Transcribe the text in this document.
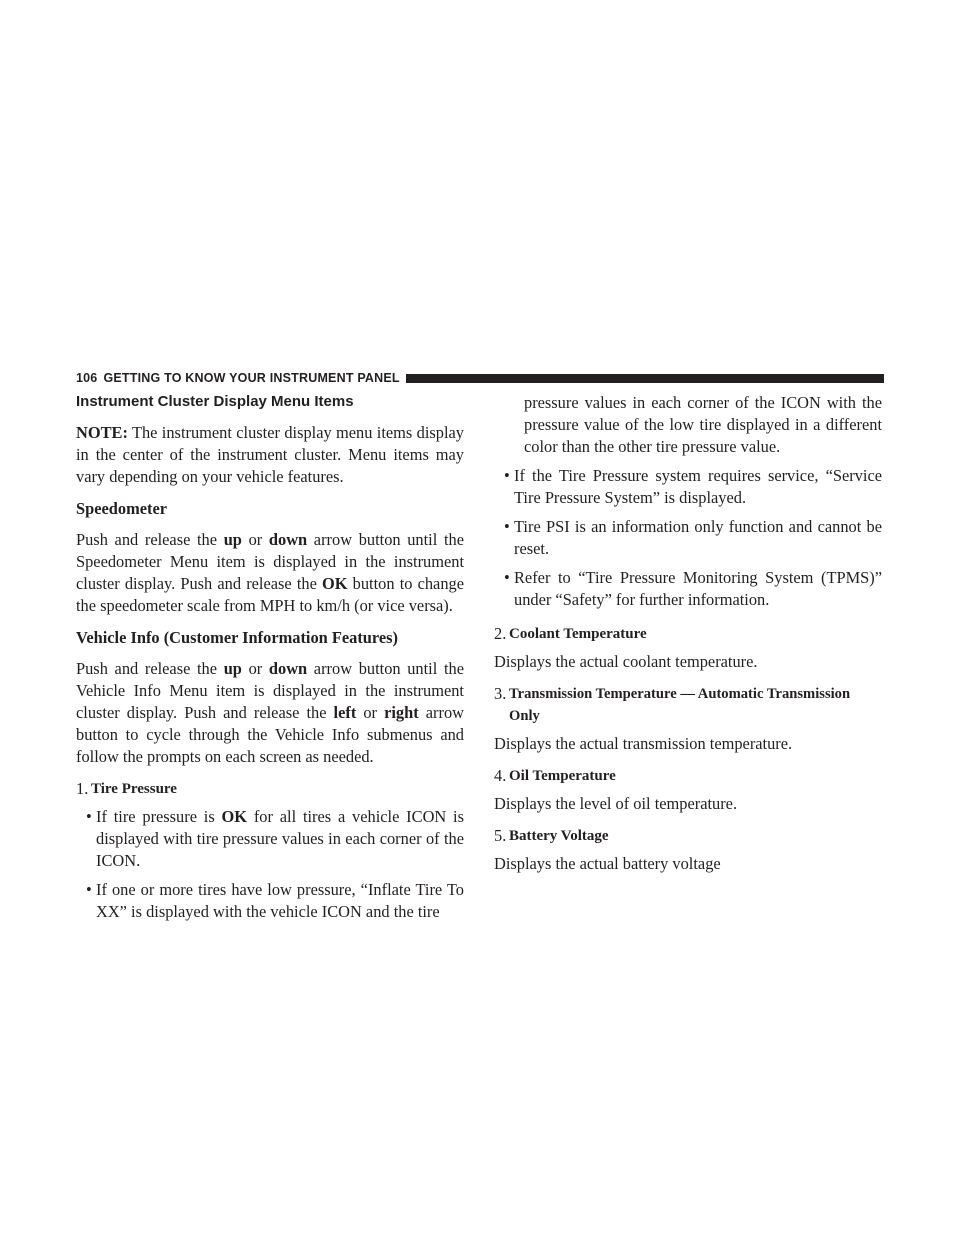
106 GETTING TO KNOW YOUR INSTRUMENT PANEL
Instrument Cluster Display Menu Items

NOTE: The instrument cluster display menu items display in the center of the instrument cluster. Menu items may vary depending on your vehicle features.

Speedometer

Push and release the up or down arrow button until the Speedometer Menu item is displayed in the instrument cluster display. Push and release the OK button to change the speedometer scale from MPH to km/h (or vice versa).

Vehicle Info (Customer Information Features)

Push and release the up or down arrow button until the Vehicle Info Menu item is displayed in the instrument cluster display. Push and release the left or right arrow button to cycle through the Vehicle Info submenus and follow the prompts on each screen as needed.

1. Tire Pressure
• If tire pressure is OK for all tires a vehicle ICON is displayed with tire pressure values in each corner of the ICON.
• If one or more tires have low pressure, “Inflate Tire To XX” is displayed with the vehicle ICON and the tire
pressure values in each corner of the ICON with the pressure value of the low tire displayed in a different color than the other tire pressure value.
• If the Tire Pressure system requires service, “Service Tire Pressure System” is displayed.
• Tire PSI is an information only function and cannot be reset.
• Refer to “Tire Pressure Monitoring System (TPMS)” under “Safety” for further information.
2. Coolant Temperature

Displays the actual coolant temperature.

3. Transmission Temperature — Automatic Transmission Only

Displays the actual transmission temperature.

4. Oil Temperature

Displays the level of oil temperature.

5. Battery Voltage

Displays the actual battery voltage
